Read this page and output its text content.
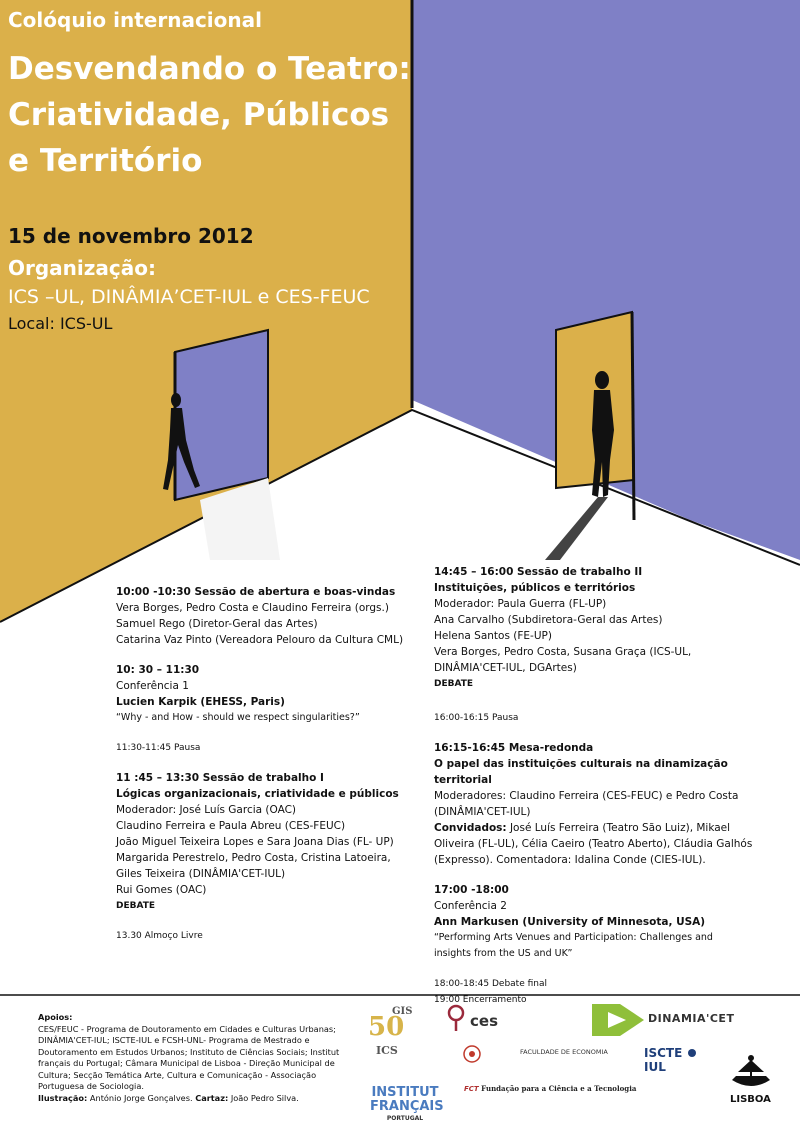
Colóquio internacional

Desvendando o Teatro:

Criatividade, Públicos

e Território

15 de novembro 2012

Organização:

ICS –UL, DINÂMIA’CET-IUL e CES-FEUC

Local: ICS-UL

10:00 -10:30 Sessão de abertura e boas-vindas

Vera Borges, Pedro Costa e Claudino Ferreira (orgs.)

Samuel Rego (Diretor-Geral das Artes)

Catarina Vaz Pinto (Vereadora Pelouro da Cultura CML)

10: 30 – 11:30

Conferência 1

Lucien Karpik (EHESS, Paris)

“Why - and How - should we respect singularities?”

11:30-11:45 Pausa

11 :45 – 13:30 Sessão de trabalho I

Lógicas organizacionais, criatividade e públicos

Moderador: José Luís Garcia (OAC)

Claudino Ferreira e Paula Abreu (CES-FEUC)

João Miguel Teixeira Lopes e Sara Joana Dias (FL- UP)

Margarida Perestrelo, Pedro Costa, Cristina Latoeira,

Giles Teixeira (DINÂMIA'CET-IUL)

Rui Gomes (OAC)

DEBATE

13.30 Almoço Livre

14:45 – 16:00 Sessão de trabalho II

Instituições, públicos e territórios

Moderador: Paula Guerra (FL-UP)

Ana Carvalho (Subdiretora-Geral das Artes)

Helena Santos (FE-UP)

Vera Borges, Pedro Costa, Susana Graça (ICS-UL,

DINÂMIA'CET-IUL, DGArtes)

DEBATE

16:00-16:15 Pausa

16:15-16:45 Mesa-redonda

O papel das instituições culturais na dinamização territorial

Moderadores: Claudino Ferreira (CES-FEUC) e Pedro Costa

(DINÂMIA'CET-IUL)

Convidados: José Luís Ferreira (Teatro São Luiz), Mikael

Oliveira (FL-UL), Célia Caeiro (Teatro Aberto), Cláudia Galhós

(Expresso). Comentadora: Idalina Conde (CIES-IUL).

17:00 -18:00

Conferência 2

Ann Markusen (University of Minnesota, USA)

“Performing Arts Venues and Participation: Challenges and

insights from the US and UK”

18:00-18:45 Debate final

19:00 Encerramento

Apoios:

CES/FEUC - Programa de Doutoramento em Cidades e Culturas Urbanas;

DINÂMIA'CET-IUL; ISCTE-IUL e FCSH-UNL- Programa de Mestrado e

Doutoramento em Estudos Urbanos; Instituto de Ciências Sociais; Institut

français du Portugal; Câmara Municipal de Lisboa - Direção Municipal de

Cultura; Secção Temática Arte, Cultura e Comunicação - Associação

Portuguesa de Sociologia.

Ilustração: António Jorge Gonçalves. Cartaz: João Pedro Silva.

GIS
50
ICS
ces	DINAMIA'CET
FACULDADE DE ECONOMIA	ISCTE  IUL
LISBOA
FCT Fundação para a Ciência e a Tecnologia
INSTITUT
FRANÇAIS
PORTUGAL
